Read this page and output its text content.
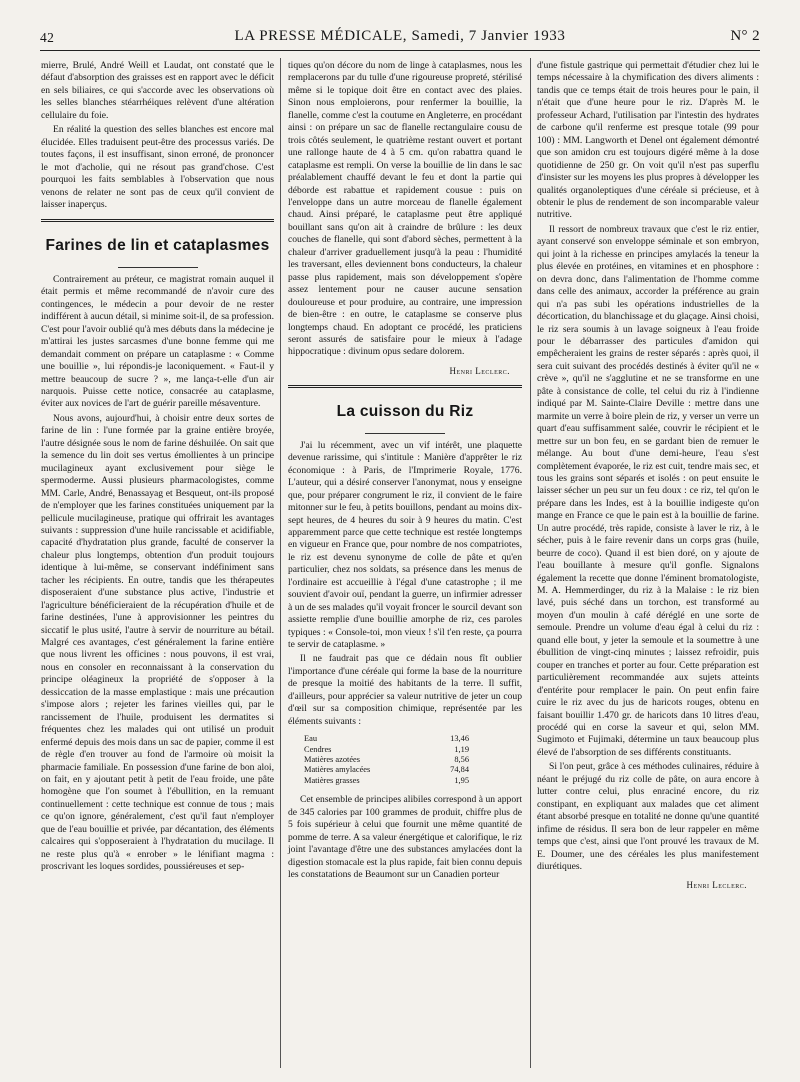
42	LA PRESSE MÉDICALE, Samedi, 7 Janvier 1933	N° 2

mierre, Brulé, André Weill et Laudat, ont constaté que le défaut d'absorption des graisses est en rapport avec le déficit en sels biliaires, ce qui s'accorde avec les observations où les selles blanches stéarrhéiques relèvent d'une altération cellulaire du foie.

En réalité la question des selles blanches est encore mal élucidée. Elles traduisent peut-être des processus variés. De toutes façons, il est insuffisant, sinon erroné, de prononcer le mot d'acholie, qui ne résout pas grand'chose. C'est pourquoi les faits semblables à l'observation que nous venons de relater ne sont pas de ceux qu'il convient de laisser inaperçus.

Farines de lin et cataplasmes

Contrairement au préteur, ce magistrat romain auquel il était permis et même recommandé de n'avoir cure des contingences, le médecin a pour devoir de ne rester indifférent à aucun détail, si minime soit-il, de sa profession. C'est pour l'avoir oublié qu'à mes débuts dans la médecine je m'attirai les justes sarcasmes d'une bonne femme qui me demandait comment on prépare un cataplasme : « Comme une bouillie », lui répondis-je laconiquement. « Faut-il y mettre beaucoup de sucre ? », me lança-t-elle d'un air narquois. Puisse cette notice, consacrée au cataplasme, éviter aux novices de l'art de guérir pareille mésaventure.

Nous avons, aujourd'hui, à choisir entre deux sortes de farine de lin : l'une formée par la graine entière broyée, l'autre désignée sous le nom de farine déshuilée. On sait que la semence du lin doit ses vertus émollientes à un principe mucilagineux ayant exclusivement pour siège le spermoderme. Aussi plusieurs pharmacologistes, comme MM. Carle, André, Benassayag et Besqueut, ont-ils proposé de n'employer que les farines constituées uniquement par la pellicule mucilagineuse, pratique qui offrirait les avantages suivants : suppression d'une huile rancissable et acidifiable, capacité d'hydratation plus grande, faculté de conserver la chaleur plus longtemps, obtention d'un produit toujours identique à lui-même, se conservant indéfiniment sans tacher les récipients. En outre, tandis que les thérapeutes disposeraient d'une substance plus active, l'industrie et l'agriculture bénéficieraient de la récupération d'huile et de farine destinées, l'une à approvisionner les peintres du siccatif le plus usité, l'autre à servir de nourriture au bétail. Malgré ces avantages, c'est généralement la farine entière que nous livrent les officines : nous pouvons, il est vrai, nous en consoler en reconnaissant à la conservation du principe oléagineux la propriété de s'opposer à la dessiccation de la masse emplastique : mais une précaution s'impose alors ; rejeter les farines vieilles qui, par le rancissement de l'huile, produisent les dermatites si fréquentes chez les malades qui ont utilisé un produit enfermé depuis des mois dans un sac de papier, comme il est de règle d'en trouver au fond de l'armoire où moisit la pharmacie familiale. En possession d'une farine de bon aloi, on fait, en y ajoutant petit à petit de l'eau froide, une pâte homogène que l'on soumet à l'ébullition, en la remuant continuellement : cette technique est connue de tous ; mais ce qu'on ignore, généralement, c'est qu'il faut n'employer que de l'eau bouillie et privée, par décantation, des éléments calcaires qui s'opposeraient à l'hydratation du mucilage. Il ne reste plus qu'à « enrober » le lénifiant magma : proscrivant les loques sordides, poussiéreuses et sep-

tiques qu'on décore du nom de linge à cataplasmes, nous les remplacerons par du tulle d'une rigoureuse propreté, stérilisé même si le topique doit être en contact avec des plaies. Sinon nous emploierons, pour renfermer la bouillie, la flanelle, comme c'est la coutume en Angleterre, en procédant ainsi : on prépare un sac de flanelle rectangulaire cousu de trois côtés seulement, le quatrième restant ouvert et portant une rallonge haute de 4 à 5 cm. qu'on rabattra quand le cataplasme est rempli. On verse la bouillie de lin dans le sac préalablement chauffé devant le feu et dont la partie qui déborde est rabattue et rapidement cousue : puis on l'enveloppe dans un autre morceau de flanelle également chaud. Ainsi préparé, le cataplasme peut être appliqué bouillant sans qu'on ait à craindre de brûlure : les deux couches de flanelle, qui sont d'abord sèches, permettent à la chaleur d'arriver graduellement jusqu'à la peau : l'humidité les traversant, elles deviennent bons conducteurs, la chaleur passe plus rapidement, mais son développement s'opère assez lentement pour ne causer aucune sensation douloureuse et pour produire, au contraire, une impression de bien-être : en outre, le cataplasme se conserve plus longtemps chaud. En adoptant ce procédé, les praticiens seront assurés de satisfaire pour le mieux à l'adage hippocratique : divinum opus sedare dolorem.

Henri Leclerc.
La cuisson du Riz

J'ai lu récemment, avec un vif intérêt, une plaquette devenue rarissime, qui s'intitule : Manière d'apprêter le riz économique : à Paris, de l'Imprimerie Royale, 1776. L'auteur, qui a désiré conserver l'anonymat, nous y enseigne que, pour préparer congrument le riz, il convient de le faire mitonner sur le feu, à petits bouillons, pendant au moins dix-sept heures, de 4 heures du soir à 9 heures du matin. C'est apparemment parce que cette technique est restée longtemps en vigueur en France que, pour nombre de nos compatriotes, le riz est devenu synonyme de colle de pâte et qu'en particulier, chez nos soldats, sa présence dans les menus de l'ordinaire est accueillie à l'égal d'une catastrophe ; il me souvient d'avoir ouï, pendant la guerre, un infirmier adresser à un de ses malades qu'il voyait froncer le sourcil devant son assiette remplie d'une bouillie amorphe de riz, ces paroles typiques : « Console-toi, mon vieux ! s'il t'en reste, ça pourra te servir de cataplasme. »

Il ne faudrait pas que ce dédain nous fît oublier l'importance d'une céréale qui forme la base de la nourriture de presque la moitié des habitants de la terre. Il suffit, d'ailleurs, pour apprécier sa valeur nutritive de jeter un coup d'œil sur sa composition chimique, représentée par les éléments suivants :

Eau	13,46
Cendres	1,19
Matières azotées	8,56
Matières amylacées	74,84
Matières grasses	1,95

Cet ensemble de principes alibiles correspond à un apport de 345 calories par 100 grammes de produit, chiffre plus de 5 fois supérieur à celui que fournit une même quantité de pomme de terre. A sa valeur énergétique et calorifique, le riz joint l'avantage d'être une des substances amylacées dont la digestion stomacale est la plus rapide, fait bien connu depuis les constatations de Beaumont sur un Canadien porteur

d'une fistule gastrique qui permettait d'étudier chez lui le temps nécessaire à la chymification des divers aliments : tandis que ce temps était de trois heures pour le pain, il n'était que d'une heure pour le riz. D'après M. le professeur Achard, l'utilisation par l'intestin des hydrates de carbone qu'il renferme est presque totale (99 pour 100) : MM. Langworth et Denel ont également démontré que son amidon cru est toujours digéré même à la dose quotidienne de 250 gr. On voit qu'il n'est pas superflu d'insister sur les moyens les plus propres à développer les qualités organoleptiques d'une céréale si précieuse, et à obtenir le plus de rendement de son incomparable valeur nutritive.

Il ressort de nombreux travaux que c'est le riz entier, ayant conservé son enveloppe séminale et son embryon, qui joint à la richesse en principes amylacés la teneur la plus élevée en protéines, en vitamines et en phosphore : on devra donc, dans l'alimentation de l'homme comme dans celle des animaux, accorder la préférence au grain qui n'a pas subi les opérations industrielles de la décortication, du blanchissage et du glaçage. Ainsi choisi, le riz sera soumis à un lavage soigneux à l'eau froide pour le débarrasser des particules d'amidon qui empêcheraient les grains de rester séparés : après quoi, il sera cuit suivant des procédés destinés à éviter qu'il ne « crève », qu'il ne s'agglutine et ne se transforme en une pâte à consistance de colle, tel celui du riz à l'indienne indiqué par M. Sainte-Claire Deville : mettre dans une marmite un verre à boire plein de riz, y verser un verre un quart d'eau suffisamment salée, couvrir le récipient et le mettre sur un bon feu, en se gardant bien de remuer le mélange. Au bout d'une demi-heure, l'eau s'est complètement évaporée, le riz est cuit, tendre mais sec, et tous les grains sont séparés et isolés : on peut ensuite le laisser sécher un peu sur un feu doux : ce riz, tel qu'on le prépare dans les Indes, est à la bouillie indigeste qu'on mange en France ce que le pain est à la bouillie de farine. Un autre procédé, très rapide, consiste à laver le riz, à le sécher, puis à le faire revenir dans un corps gras (huile, beurre de coco). Quand il est bien doré, on y ajoute de l'eau bouillante à mesure qu'il gonfle. Signalons également la recette que donne l'éminent bromatologiste, M. A. Hemmerdinger, du riz à la Malaise : le riz bien lavé, puis séché dans un torchon, est transformé au moyen d'un moulin à café déréglé en une sorte de semoule. Prendre un volume d'eau égal à celui du riz : quand elle bout, y jeter la semoule et la soumettre à une ébullition de vingt-cinq minutes ; laissez refroidir, puis couper en tranches et porter au four. Cette préparation est particulièrement recommandée aux sujets atteints d'entérite pour remplacer le pain. On peut enfin faire cuire le riz avec du jus de haricots rouges, obtenu en faisant bouillir 1.470 gr. de haricots dans 10 litres d'eau, procédé qui en corse la saveur et qui, selon MM. Sugimoto et Fujimaki, détermine un taux beaucoup plus élevé de l'absorption de ses différents constituants.

Si l'on peut, grâce à ces méthodes culinaires, réduire à néant le préjugé du riz colle de pâte, on aura encore à lutter contre celui, plus enraciné encore, du riz constipant, en expliquant aux malades que cet aliment étant absorbé presque en totalité ne donne qu'une quantité infime de résidus. Il sera bon de leur rappeler en même temps que c'est, ainsi que l'ont prouvé les travaux de M. E. Doumer, une des céréales les plus manifestement diurétiques.

Henri Leclerc.
